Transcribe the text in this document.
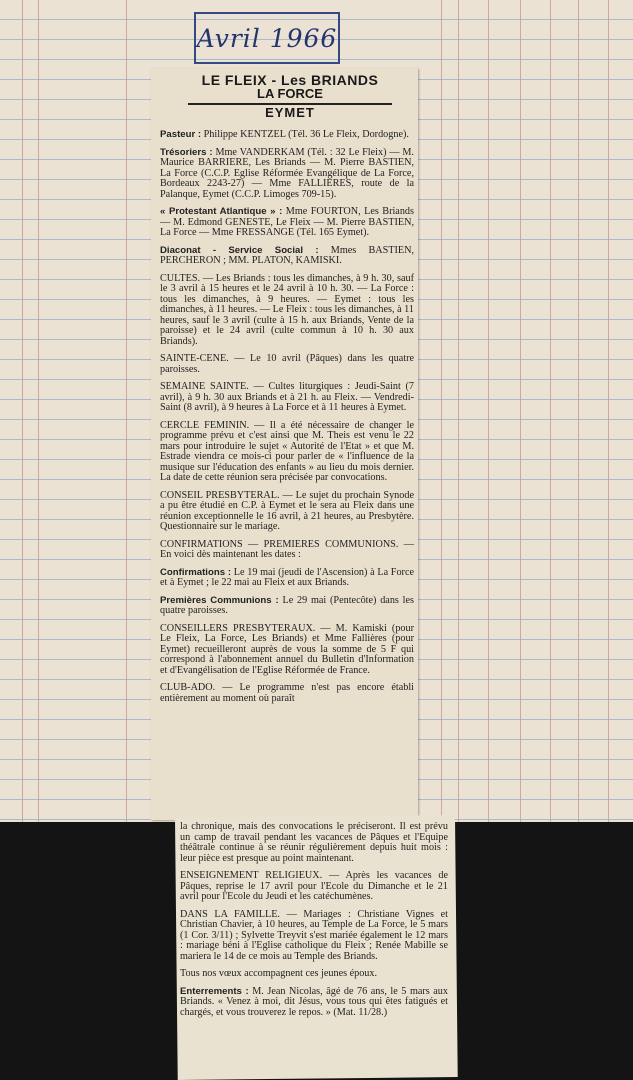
Avril 1966
LE FLEIX - Les BRIANDS
LA FORCE
EYMET

Pasteur : Philippe KENTZEL (Tél. 36 Le Fleix, Dordogne).

Trésoriers : Mme VANDERKAM (Tél. : 32 Le Fleix) — M. Maurice BARRIERE, Les Briands — M. Pierre BASTIEN, La Force (C.C.P. Eglise Réformée Evangélique de La Force, Bordeaux 2243-27) — Mme FALLIERES, route de la Palanque, Eymet (C.C.P. Limoges 709-15).

« Protestant Atlantique » : Mme FOURTON, Les Briands — M. Edmond GENESTE, Le Fleix — M. Pierre BASTIEN, La Force — Mme FRESSANGE (Tél. 165 Eymet).

Diaconat - Service Social : Mmes BASTIEN, PERCHERON ; MM. PLATON, KAMISKI.

CULTES. — Les Briands : tous les dimanches, à 9 h. 30, sauf le 3 avril à 15 heures et le 24 avril à 10 h. 30. — La Force : tous les dimanches, à 9 heures. — Eymet : tous les dimanches, à 11 heures. — Le Fleix : tous les dimanches, à 11 heures, sauf le 3 avril (culte à 15 h. aux Briands, Vente de la paroisse) et le 24 avril (culte commun à 10 h. 30 aux Briands).

SAINTE-CENE. — Le 10 avril (Pâques) dans les quatre paroisses.

SEMAINE SAINTE. — Cultes liturgiques : Jeudi-Saint (7 avril), à 9 h. 30 aux Briands et à 21 h. au Fleix. — Vendredi-Saint (8 avril), à 9 heures à La Force et à 11 heures à Eymet.

CERCLE FEMININ. — Il a été nécessaire de changer le programme prévu et c'est ainsi que M. Theis est venu le 22 mars pour introduire le sujet « Autorité de l'Etat » et que M. Estrade viendra ce mois-ci pour parler de « l'influence de la musique sur l'éducation des enfants » au lieu du mois dernier. La date de cette réunion sera précisée par convocations.

CONSEIL PRESBYTERAL. — Le sujet du prochain Synode a pu être étudié en C.P. à Eymet et le sera au Fleix dans une réunion exceptionnelle le 16 avril, à 21 heures, au Presbytère. Questionnaire sur le mariage.

CONFIRMATIONS — PREMIERES COMMUNIONS. — En voici dès maintenant les dates :

Confirmations : Le 19 mai (jeudi de l'Ascension) à La Force et à Eymet ; le 22 mai au Fleix et aux Briands.

Premières Communions : Le 29 mai (Pentecôte) dans les quatre paroisses.

CONSEILLERS PRESBYTERAUX. — M. Kamiski (pour Le Fleix, La Force, Les Briands) et Mme Fallières (pour Eymet) recueilleront auprès de vous la somme de 5 F qui correspond à l'abonnement annuel du Bulletin d'Information et d'Evangélisation de l'Eglise Réformée de France.

CLUB-ADO. — Le programme n'est pas encore établi entièrement au moment où paraît

la chronique, mais des convocations le préciseront. Il est prévu un camp de travail pendant les vacances de Pâques et l'Equipe théâtrale continue à se réunir régulièrement depuis huit mois : leur pièce est presque au point maintenant.

ENSEIGNEMENT RELIGIEUX. — Après les vacances de Pâques, reprise le 17 avril pour l'Ecole du Dimanche et le 21 avril pour l'Ecole du Jeudi et les catéchumènes.

DANS LA FAMILLE. — Mariages : Christiane Vignes et Christian Chavier, à 10 heures, au Temple de La Force, le 5 mars (1 Cor. 3/11) ; Sylvette Treyvit s'est mariée également le 12 mars : mariage béni à l'Eglise catholique du Fleix ; Renée Mabille se mariera le 14 de ce mois au Temple des Briands.

Tous nos vœux accompagnent ces jeunes époux.

Enterrements : M. Jean Nicolas, âgé de 76 ans, le 5 mars aux Briands. « Venez à moi, dit Jésus, vous tous qui êtes fatigués et chargés, et vous trouverez le repos. » (Mat. 11/28.)
